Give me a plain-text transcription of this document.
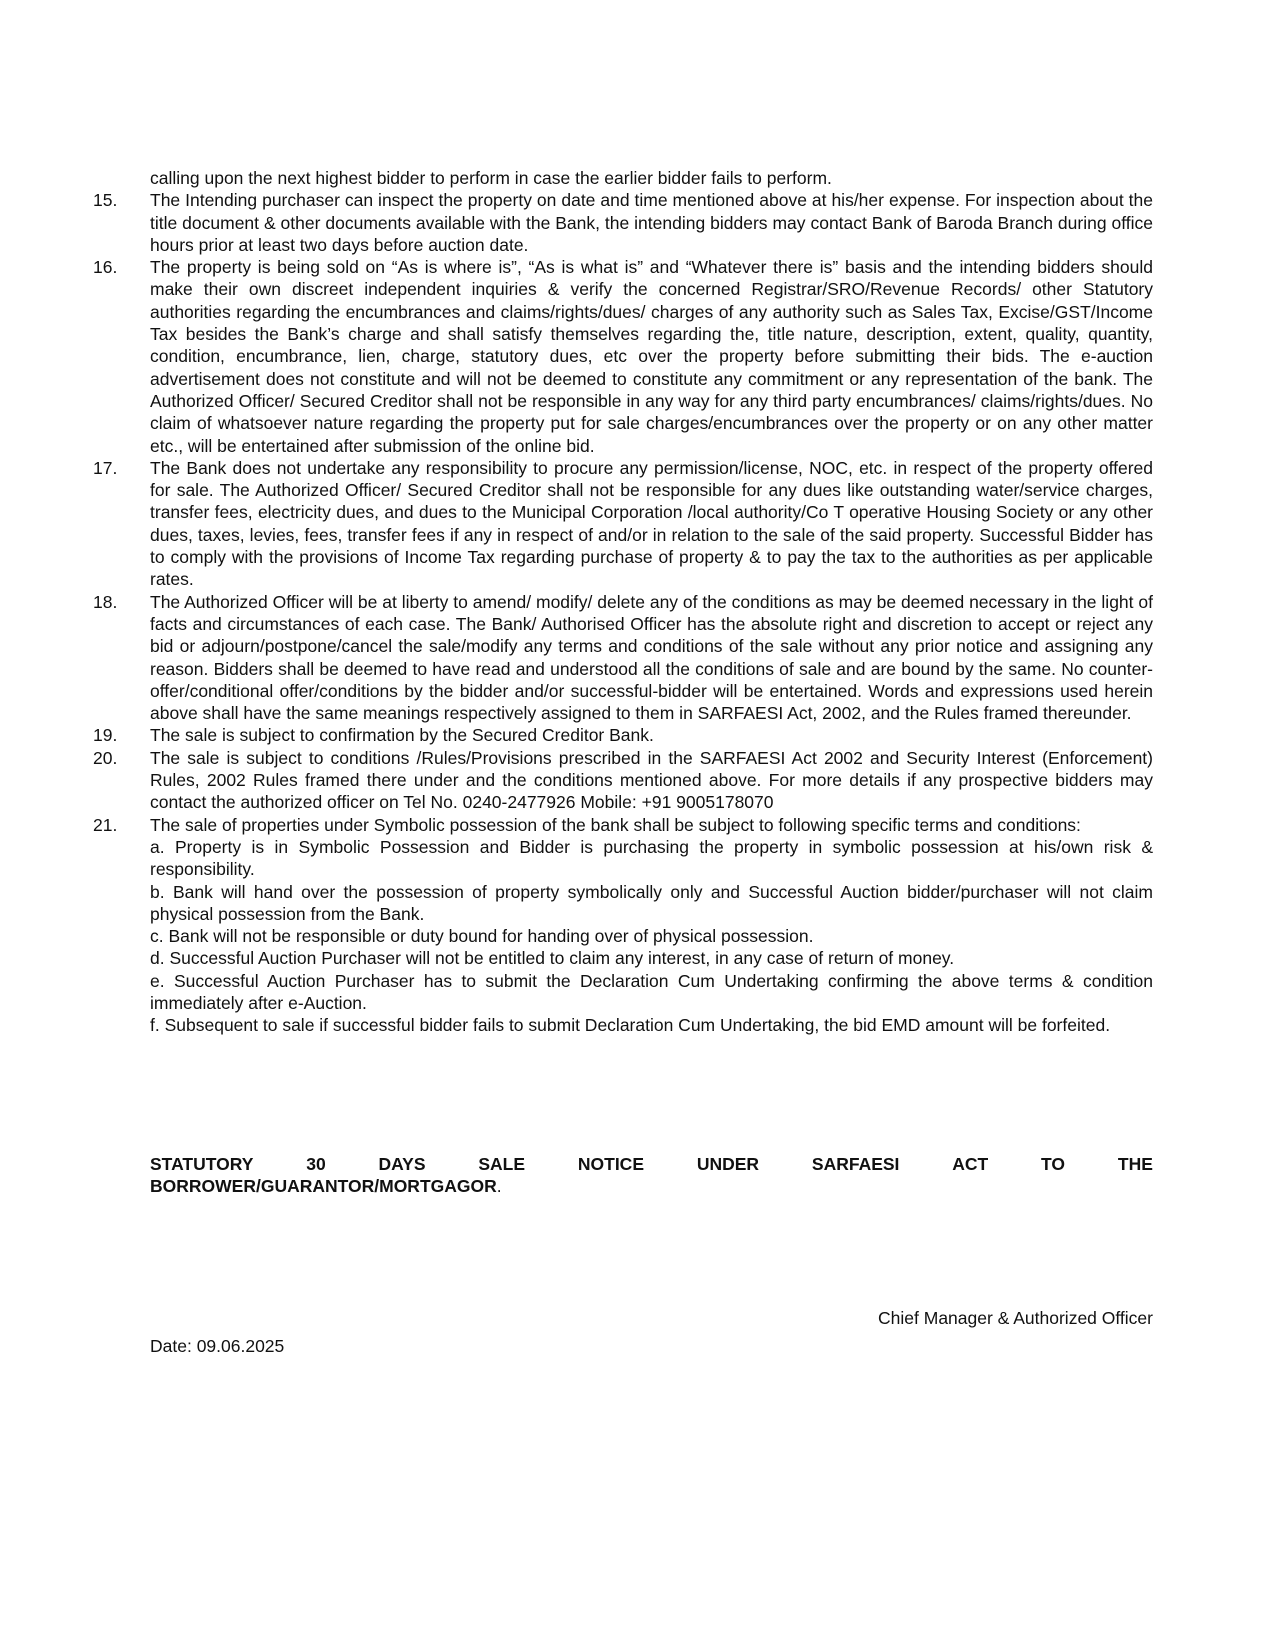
calling upon the next highest bidder to perform in case the earlier bidder fails to perform.
15.	The Intending purchaser can inspect the property on date and time mentioned above at his/her expense. For inspection about the title document & other documents available with the Bank, the intending bidders may contact Bank of Baroda Branch during office hours prior at least two days before auction date.
16.	The property is being sold on “As is where is”, “As is what is” and “Whatever there is” basis and the intending bidders should make their own discreet independent inquiries & verify the concerned Registrar/SRO/Revenue Records/ other Statutory authorities regarding the encumbrances and claims/rights/dues/ charges of any authority such as Sales Tax, Excise/GST/Income Tax besides the Bank’s charge and shall satisfy themselves regarding the, title nature, description, extent, quality, quantity, condition, encumbrance, lien, charge, statutory dues, etc over the property before submitting their bids. The e-auction advertisement does not constitute and will not be deemed to constitute any commitment or any representation of the bank. The Authorized Officer/ Secured Creditor shall not be responsible in any way for any third party encumbrances/ claims/rights/dues. No claim of whatsoever nature regarding the property put for sale charges/encumbrances over the property or on any other matter etc., will be entertained after submission of the online bid.
17.	The Bank does not undertake any responsibility to procure any permission/license, NOC, etc. in respect of the property offered for sale. The Authorized Officer/ Secured Creditor shall not be responsible for any dues like outstanding water/service charges, transfer fees, electricity dues, and dues to the Municipal Corporation /local authority/Co T operative Housing Society or any other dues, taxes, levies, fees, transfer fees if any in respect of and/or in relation to the sale of the said property. Successful Bidder has to comply with the provisions of Income Tax regarding purchase of property & to pay the tax to the authorities as per applicable rates.
18.	The Authorized Officer will be at liberty to amend/ modify/ delete any of the conditions as may be deemed necessary in the light of facts and circumstances of each case. The Bank/ Authorised Officer has the absolute right and discretion to accept or reject any bid or adjourn/postpone/cancel the sale/modify any terms and conditions of the sale without any prior notice and assigning any reason. Bidders shall be deemed to have read and understood all the conditions of sale and are bound by the same. No counter-offer/conditional offer/conditions by the bidder and/or successful-bidder will be entertained. Words and expressions used herein above shall have the same meanings respectively assigned to them in SARFAESI Act, 2002, and the Rules framed thereunder.
19.	The sale is subject to confirmation by the Secured Creditor Bank.
20.	The sale is subject to conditions /Rules/Provisions prescribed in the SARFAESI Act 2002 and Security Interest (Enforcement) Rules, 2002 Rules framed there under and the conditions mentioned above. For more details if any prospective bidders may contact the authorized officer on Tel No. 0240-2477926 Mobile: +91 9005178070
21.	The sale of properties under Symbolic possession of the bank shall be subject to following specific terms and conditions:
a. Property is in Symbolic Possession and Bidder is purchasing the property in symbolic possession at his/own risk & responsibility.
b. Bank will hand over the possession of property symbolically only and Successful Auction bidder/purchaser will not claim physical possession from the Bank.
c. Bank will not be responsible or duty bound for handing over of physical possession.
d. Successful Auction Purchaser will not be entitled to claim any interest, in any case of return of money.
e. Successful Auction Purchaser has to submit the Declaration Cum Undertaking confirming the above terms & condition immediately after e-Auction.
f. Subsequent to sale if successful bidder fails to submit Declaration Cum Undertaking, the bid EMD amount will be forfeited.
STATUTORY	30	DAYS	SALE	NOTICE	UNDER	SARFAESI	ACT	TO	THE
BORROWER/GUARANTOR/MORTGAGOR.
Chief Manager & Authorized Officer
Date: 09.06.2025
